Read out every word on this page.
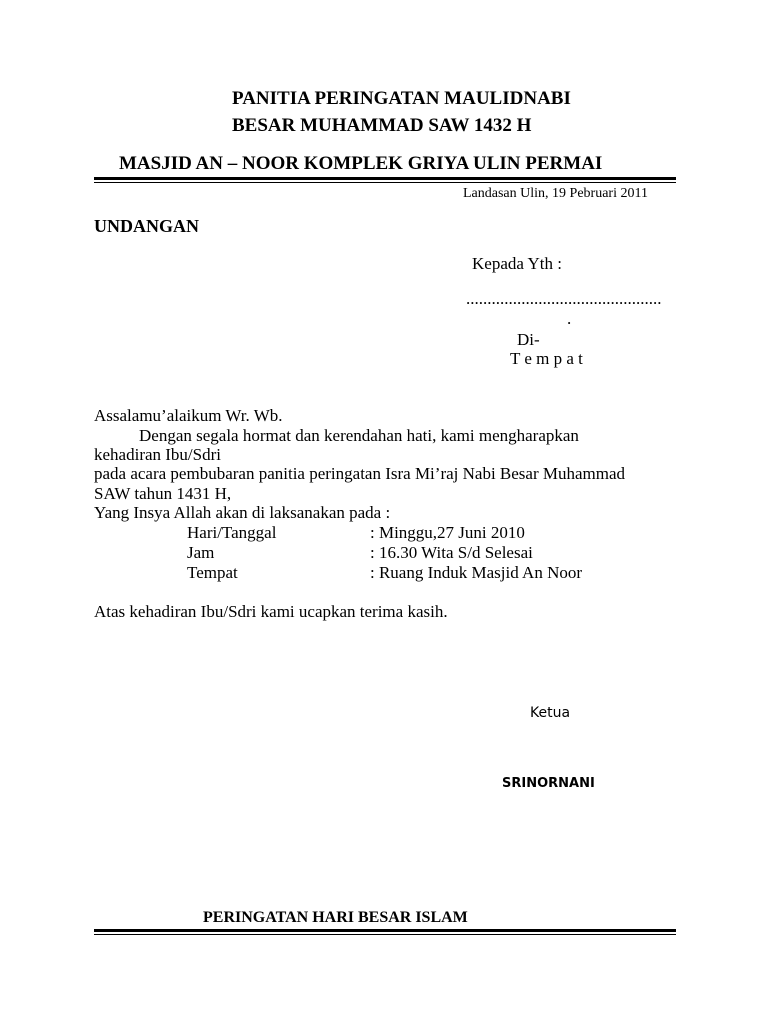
PANITIA PERINGATAN MAULIDNABI
BESAR MUHAMMAD SAW 1432 H
MASJID AN – NOOR KOMPLEK GRIYA ULIN PERMAI
Landasan Ulin, 19 Pebruari 2011
UNDANGAN
Kepada Yth :
..............................................
.
Di-
T e m p a t
Assalamu’alaikum Wr. Wb.
Dengan segala hormat dan kerendahan hati, kami mengharapkan
kehadiran Ibu/Sdri
pada acara pembubaran panitia peringatan Isra Mi’raj Nabi Besar Muhammad
SAW tahun 1431 H,
Yang Insya Allah akan di laksanakan pada :
Hari/Tanggal	: Minggu,27 Juni 2010
Jam	: 16.30 Wita S/d Selesai
Tempat	: Ruang Induk Masjid An Noor
Atas kehadiran Ibu/Sdri kami ucapkan terima kasih.
Ketua
SRINORNANI
PERINGATAN HARI BESAR ISLAM
